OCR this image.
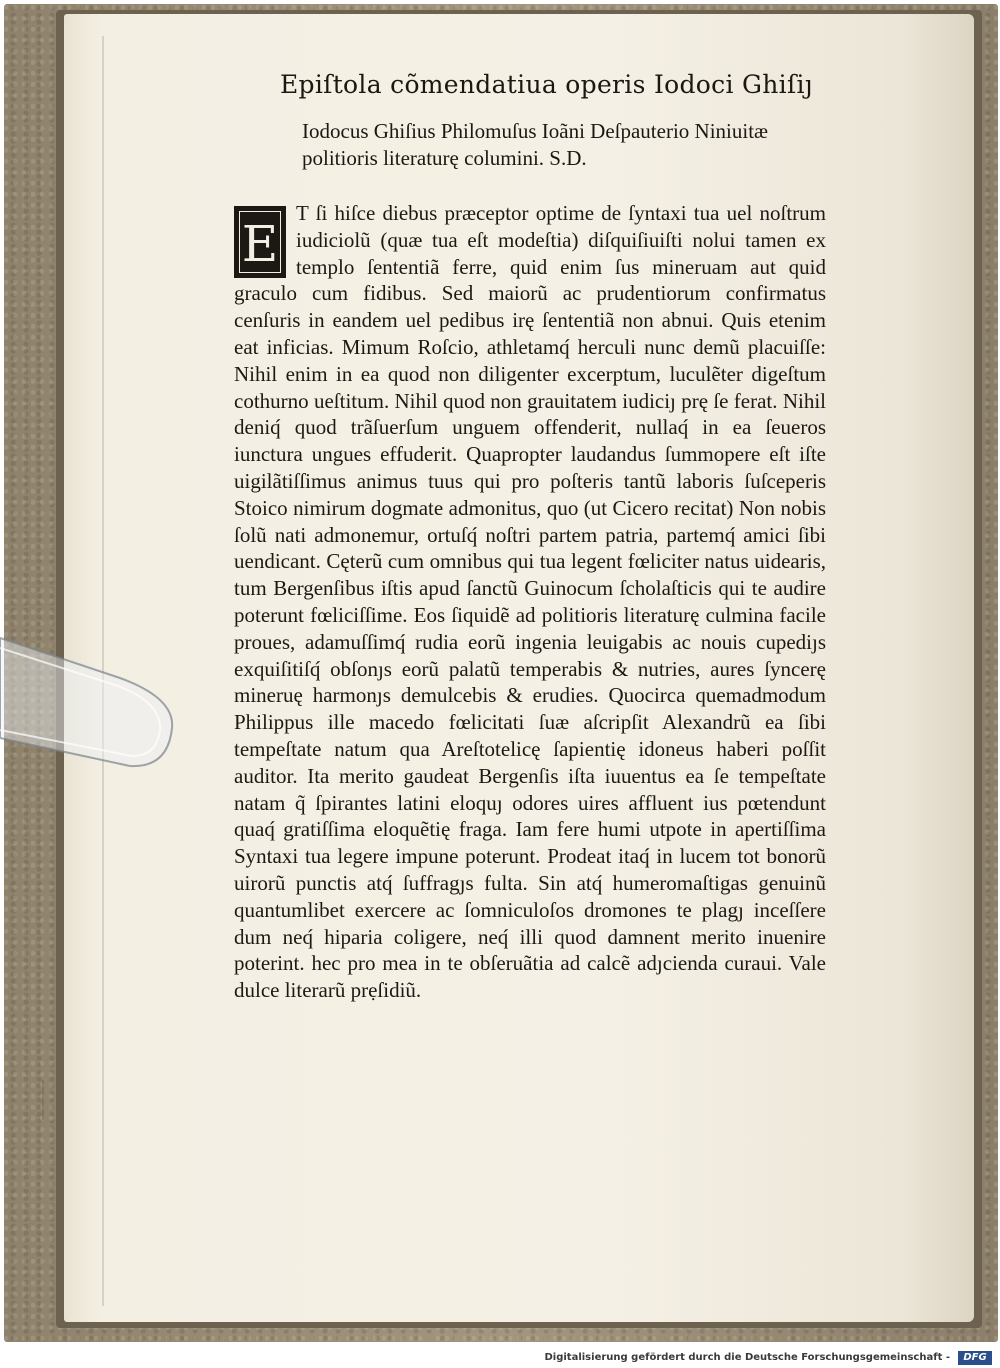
Epiſtola cõmendatiua operis Iodoci Ghiſiȷ
Iodocus Ghiſius Philomuſus Ioãni Deſpauterio Niniuitæ politioris literaturę columini. S.D.
E

T ſi hiſce diebus præceptor optime de ſyntaxi tua uel noſtrum iudiciolũ (quæ tua eſt modeſtia) diſquiſiuiſti nolui tamen ex templo ſententiã ferre, quid enim ſus mineruam aut quid graculo cum fidibus. Sed maiorũ ac prudentiorum confirmatus cenſuris in eandem uel pedibus irę ſententiã non abnui. Quis etenim eat inficias. Mimum Roſcio, athletamq́ herculi nunc demũ placuiſſe: Nihil enim in ea quod non diligenter excerptum, luculẽter digeſtum cothurno ueſtitum. Nihil quod non grauitatem iudiciȷ prę ſe ferat. Nihil deniq́ quod trãſuerſum unguem offenderit, nullaq́ in ea ſeueros iunctura ungues effuderit. Quapropter laudandus ſummopere eſt iſte uigilãtiſſimus animus tuus qui pro poſteris tantũ laboris ſuſceperis Stoico nimirum dogmate admonitus, quo (ut Cicero recitat) Non nobis ſolũ nati admonemur, ortuſq́ noſtri partem patria, partemq́ amici ſibi uendicant. Cęterũ cum omnibus qui tua legent fœliciter natus uidearis, tum Bergenſibus iſtis apud ſanctũ Guinocum ſcholaſticis qui te audire poterunt fœliciſſime. Eos ſiquidẽ ad politioris literaturę culmina facile proues, adamuſſimq́ rudia eorũ ingenia leuigabis ac nouis cupediȷs exquiſitiſq́ obſonȷs eorũ palatũ temperabis & nutries, aures ſyncerę mineruę harmonȷs demulcebis & erudies. Quocirca quemadmodum Philippus ille macedo fœlicitati ſuæ aſcripſit Alexandrũ ea ſibi tempeſtate natum qua Areſtotelicę ſapientię idoneus haberi poſſit auditor. Ita merito gaudeat Bergenſis iſta iuuentus ea ſe tempeſtate natam q̃ ſpirantes latini eloquȷ odores uires affluent ius pœtendunt quaq́ gratiſſima eloquẽtię fraga. Iam fere humi utpote in apertiſſima Syntaxi tua legere impune poterunt. Prodeat itaq́ in lucem tot bonorũ uirorũ punctis atq́ ſuffragȷs fulta. Sin atq́ humeromaſtigas genuinũ quantumlibet exercere ac ſomniculoſos dromones te plagȷ inceſſere dum neq́ hiparia coligere, neq́ illi quod damnent merito inuenire poterint. hec pro mea in te obſeruãtia ad calcẽ adȷcienda curaui. Vale dulce literarũ prẹſidiũ.

Digitalisierung gefördert durch die Deutsche Forschungsgemeinschaft -	DFG
